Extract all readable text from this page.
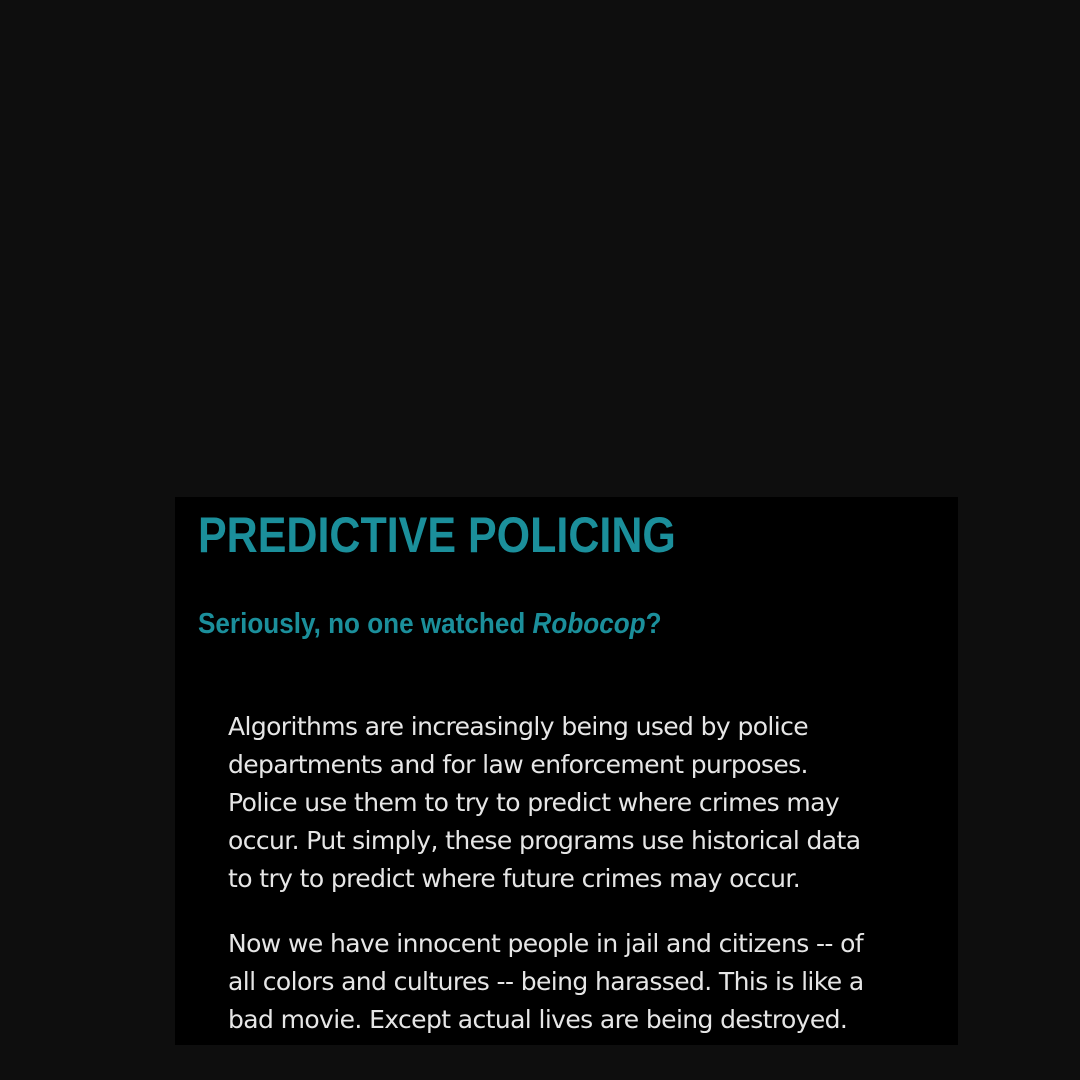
PREDICTIVE POLICING
Seriously, no one watched Robocop?

Algorithms are increasingly being used by police

departments and for law enforcement purposes.

Police use them to try to predict where crimes may

occur. Put simply, these programs use historical data

to try to predict where future crimes may occur.

Now we have innocent people in jail and citizens -- of

all colors and cultures -- being harassed. This is like a

bad movie. Except actual lives are being destroyed.
